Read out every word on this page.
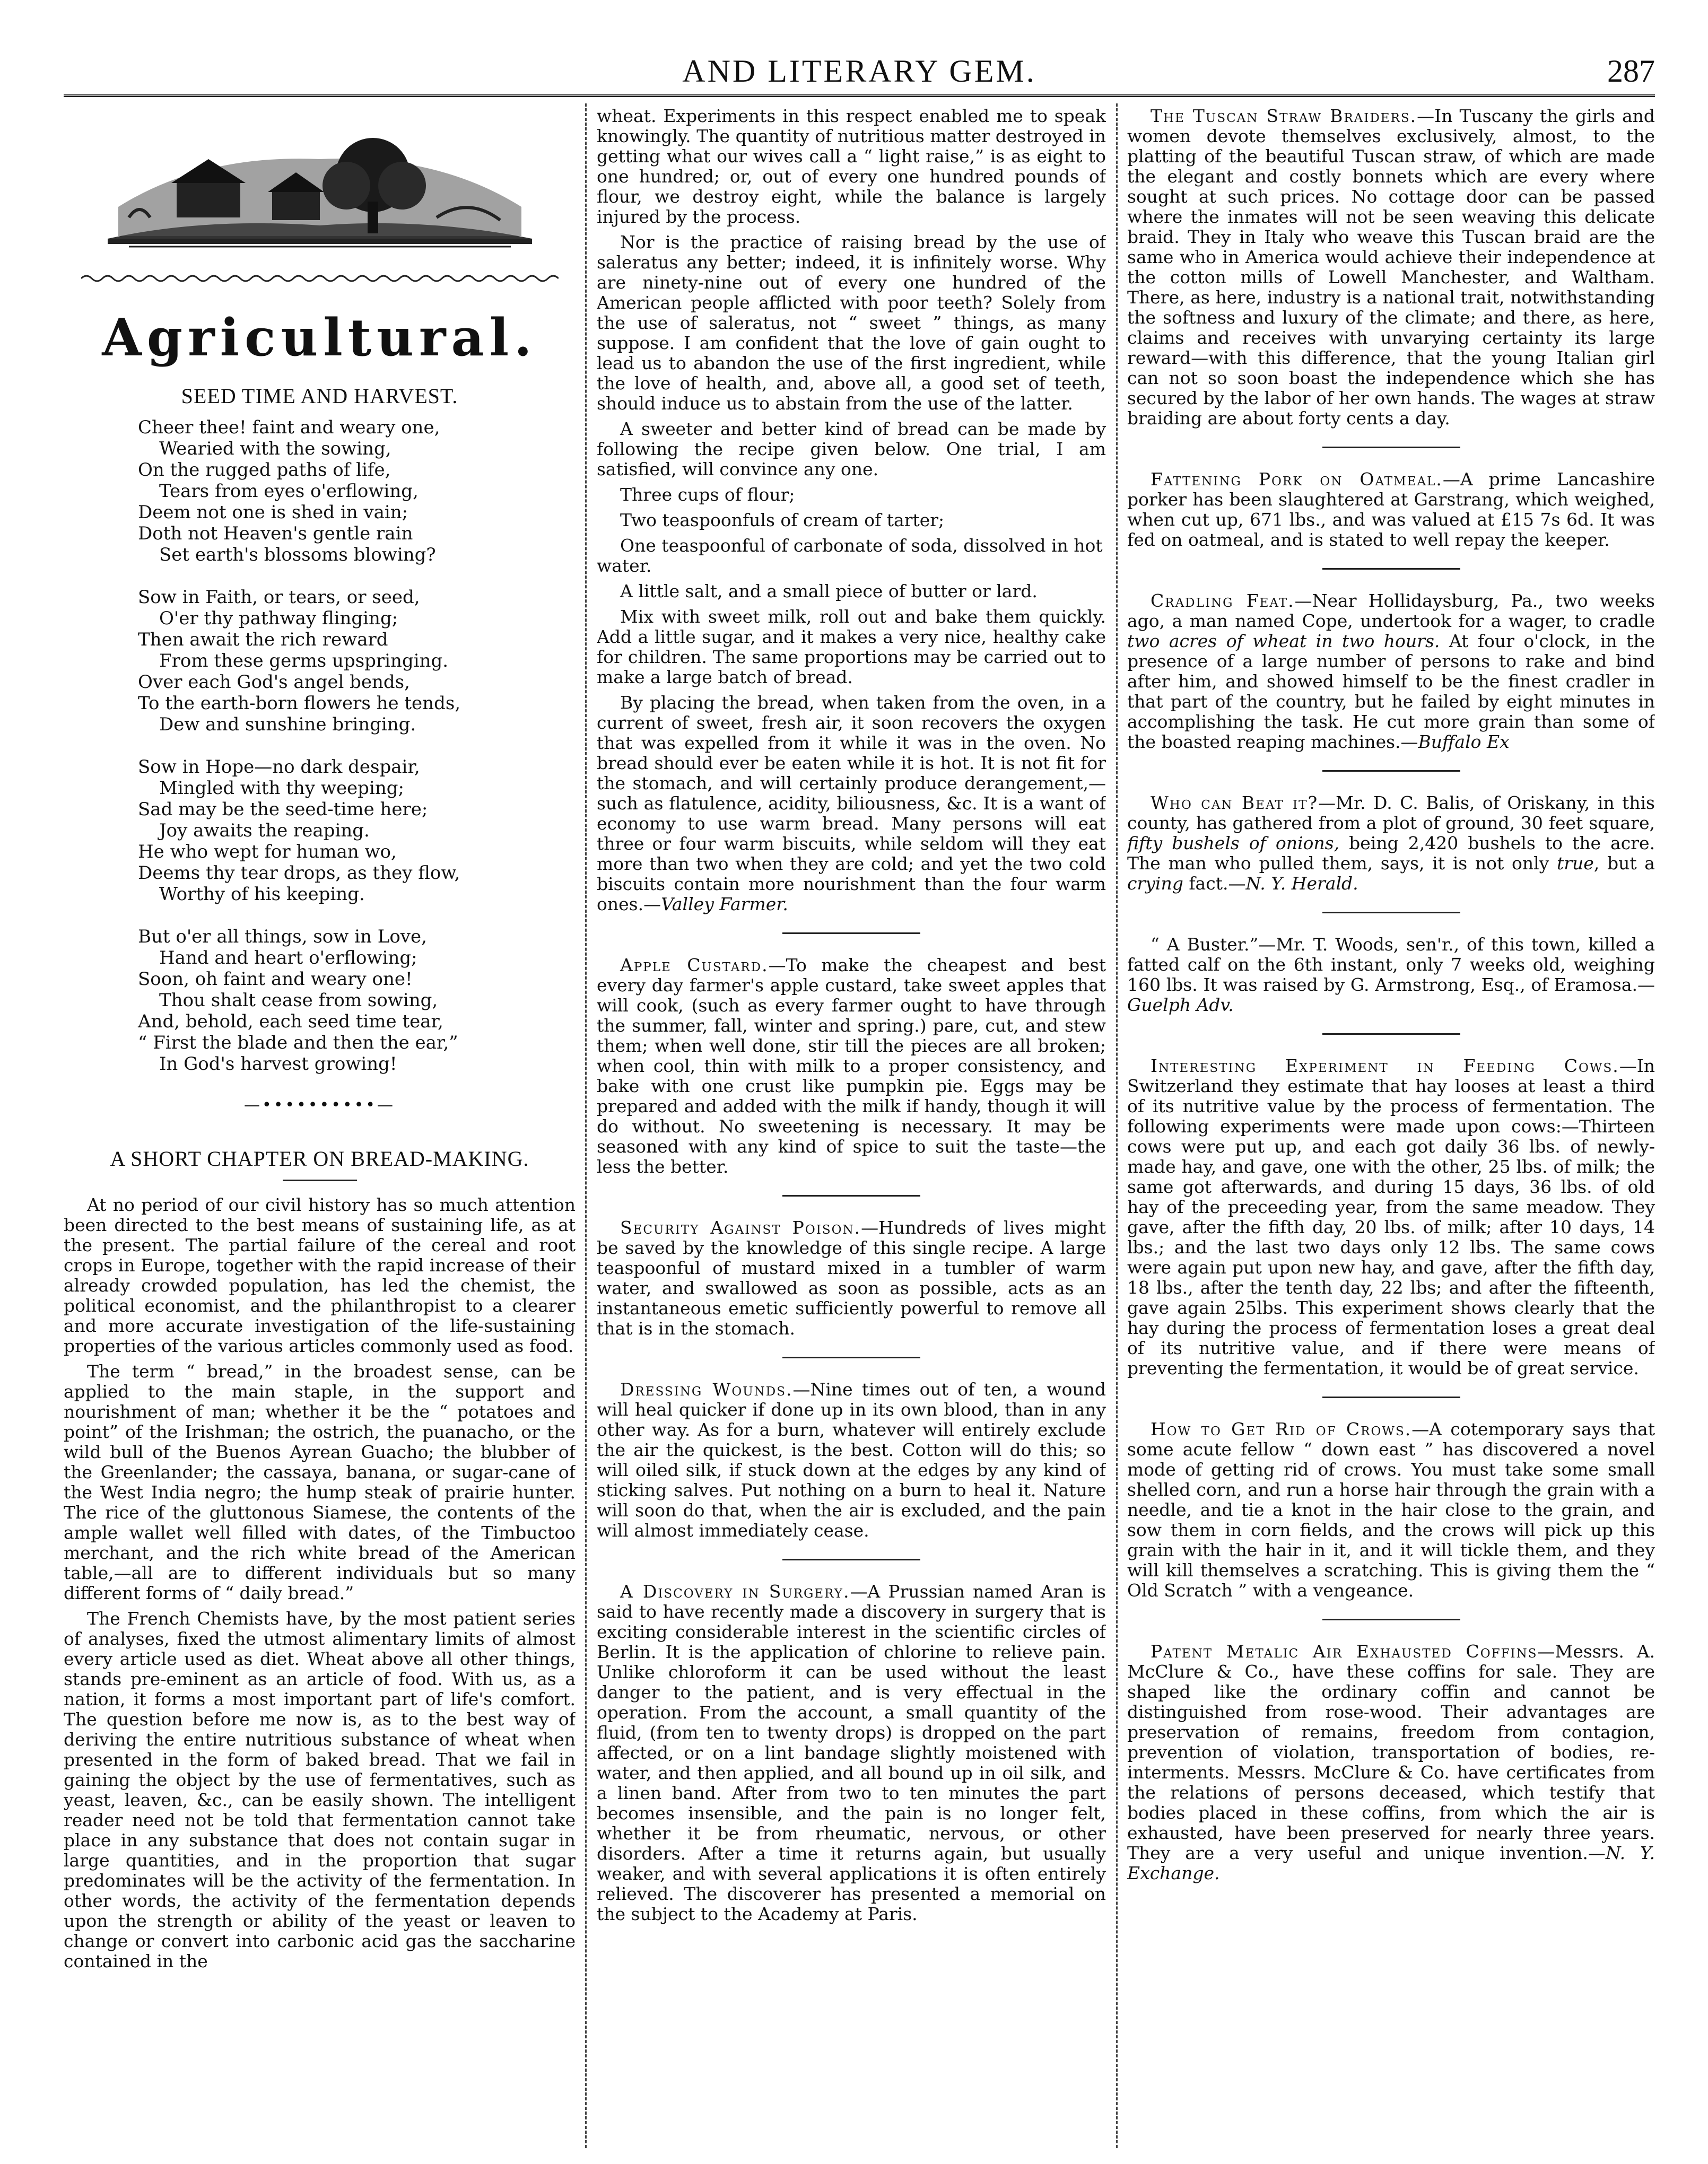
AND LITERARY GEM.	287
Agricultural.
SEED TIME AND HARVEST.
Cheer thee! faint and weary one,
Wearied with the sowing,
On the rugged paths of life,
Tears from eyes o'erflowing,
Deem not one is shed in vain;
Doth not Heaven's gentle rain
Set earth's blossoms blowing?
Sow in Faith, or tears, or seed,
O'er thy pathway flinging;
Then await the rich reward
From these germs upspringing.
Over each God's angel bends,
To the earth-born flowers he tends,
Dew and sunshine bringing.
Sow in Hope—no dark despair,
Mingled with thy weeping;
Sad may be the seed-time here;
Joy awaits the reaping.
He who wept for human wo,
Deems thy tear drops, as they flow,
Worthy of his keeping.
But o'er all things, sow in Love,
Hand and heart o'erflowing;
Soon, oh faint and weary one!
Thou shalt cease from sowing,
And, behold, each seed time tear,
“ First the blade and then the ear,”
In God's harvest growing!
—••••••••••—
A SHORT CHAPTER ON BREAD-MAKING.

At no period of our civil history has so much attention been directed to the best means of sustaining life, as at the present. The partial failure of the cereal and root crops in Europe, together with the rapid increase of their already crowded population, has led the chemist, the political economist, and the philanthropist to a clearer and more accurate investigation of the life-sustaining properties of the various articles commonly used as food.

The term “ bread,” in the broadest sense, can be applied to the main staple, in the support and nourishment of man; whether it be the “ potatoes and point” of the Irishman; the ostrich, the puanacho, or the wild bull of the Buenos Ayrean Guacho; the blubber of the Greenlander; the cassaya, banana, or sugar-cane of the West India negro; the hump steak of prairie hunter. The rice of the gluttonous Siamese, the contents of the ample wallet well filled with dates, of the Timbuctoo merchant, and the rich white bread of the American table,—all are to different individuals but so many different forms of “ daily bread.”

The French Chemists have, by the most patient series of analyses, fixed the utmost alimentary limits of almost every article used as diet. Wheat above all other things, stands pre-eminent as an article of food. With us, as a nation, it forms a most important part of life's comfort. The question before me now is, as to the best way of deriving the entire nutritious substance of wheat when presented in the form of baked bread. That we fail in gaining the object by the use of fermentatives, such as yeast, leaven, &c., can be easily shown. The intelligent reader need not be told that fermentation cannot take place in any substance that does not contain sugar in large quantities, and in the proportion that sugar predominates will be the activity of the fermentation. In other words, the activity of the fermentation depends upon the strength or ability of the yeast or leaven to change or convert into carbonic acid gas the saccharine contained in the

wheat. Experiments in this respect enabled me to speak knowingly. The quantity of nutritious matter destroyed in getting what our wives call a “ light raise,” is as eight to one hundred; or, out of every one hundred pounds of flour, we destroy eight, while the balance is largely injured by the process.

Nor is the practice of raising bread by the use of saleratus any better; indeed, it is infinitely worse. Why are ninety-nine out of every one hundred of the American people afflicted with poor teeth? Solely from the use of saleratus, not “ sweet ” things, as many suppose. I am confident that the love of gain ought to lead us to abandon the use of the first ingredient, while the love of health, and, above all, a good set of teeth, should induce us to abstain from the use of the latter.

A sweeter and better kind of bread can be made by following the recipe given below. One trial, I am satisfied, will convince any one.

Three cups of flour;
Two teaspoonfuls of cream of tarter;
One teaspoonful of carbonate of soda, dissolved in hot water.
A little salt, and a small piece of butter or lard.

Mix with sweet milk, roll out and bake them quickly. Add a little sugar, and it makes a very nice, healthy cake for children. The same proportions may be carried out to make a large batch of bread.

By placing the bread, when taken from the oven, in a current of sweet, fresh air, it soon recovers the oxygen that was expelled from it while it was in the oven. No bread should ever be eaten while it is hot. It is not fit for the stomach, and will certainly produce derangement,—such as flatulence, acidity, biliousness, &c. It is a want of economy to use warm bread. Many persons will eat three or four warm biscuits, while seldom will they eat more than two when they are cold; and yet the two cold biscuits contain more nourishment than the four warm ones.—Valley Farmer.

Apple Custard.—To make the cheapest and best every day farmer's apple custard, take sweet apples that will cook, (such as every farmer ought to have through the summer, fall, winter and spring.) pare, cut, and stew them; when well done, stir till the pieces are all broken; when cool, thin with milk to a proper consistency, and bake with one crust like pumpkin pie. Eggs may be prepared and added with the milk if handy, though it will do without. No sweetening is necessary. It may be seasoned with any kind of spice to suit the taste—the less the better.

Security Against Poison.—Hundreds of lives might be saved by the knowledge of this single recipe. A large teaspoonful of mustard mixed in a tumbler of warm water, and swallowed as soon as possible, acts as an instantaneous emetic sufficiently powerful to remove all that is in the stomach.

Dressing Wounds.—Nine times out of ten, a wound will heal quicker if done up in its own blood, than in any other way. As for a burn, whatever will entirely exclude the air the quickest, is the best. Cotton will do this; so will oiled silk, if stuck down at the edges by any kind of sticking salves. Put nothing on a burn to heal it. Nature will soon do that, when the air is excluded, and the pain will almost immediately cease.

A Discovery in Surgery.—A Prussian named Aran is said to have recently made a discovery in surgery that is exciting considerable interest in the scientific circles of Berlin. It is the application of chlorine to relieve pain. Unlike chloroform it can be used without the least danger to the patient, and is very effectual in the operation. From the account, a small quantity of the fluid, (from ten to twenty drops) is dropped on the part affected, or on a lint bandage slightly moistened with water, and then applied, and all bound up in oil silk, and a linen band. After from two to ten minutes the part becomes insensible, and the pain is no longer felt, whether it be from rheumatic, nervous, or other disorders. After a time it returns again, but usually weaker, and with several applications it is often entirely relieved. The discoverer has presented a memorial on the subject to the Academy at Paris.

The Tuscan Straw Braiders.—In Tuscany the girls and women devote themselves exclusively, almost, to the platting of the beautiful Tuscan straw, of which are made the elegant and costly bonnets which are every where sought at such prices. No cottage door can be passed where the inmates will not be seen weaving this delicate braid. They in Italy who weave this Tuscan braid are the same who in America would achieve their independence at the cotton mills of Lowell Manchester, and Waltham. There, as here, industry is a national trait, notwithstanding the softness and luxury of the climate; and there, as here, claims and receives with unvarying certainty its large reward—with this difference, that the young Italian girl can not so soon boast the independence which she has secured by the labor of her own hands. The wages at straw braiding are about forty cents a day.

Fattening Pork on Oatmeal.—A prime Lancashire porker has been slaughtered at Garstrang, which weighed, when cut up, 671 lbs., and was valued at £15 7s 6d. It was fed on oatmeal, and is stated to well repay the keeper.

Cradling Feat.—Near Hollidaysburg, Pa., two weeks ago, a man named Cope, undertook for a wager, to cradle two acres of wheat in two hours. At four o'clock, in the presence of a large number of persons to rake and bind after him, and showed himself to be the finest cradler in that part of the country, but he failed by eight minutes in accomplishing the task. He cut more grain than some of the boasted reaping machines.—Buffalo Ex

Who can Beat it?—Mr. D. C. Balis, of Oriskany, in this county, has gathered from a plot of ground, 30 feet square, fifty bushels of onions, being 2,420 bushels to the acre. The man who pulled them, says, it is not only true, but a crying fact.—N. Y. Herald.

“ A Buster.”—Mr. T. Woods, sen'r., of this town, killed a fatted calf on the 6th instant, only 7 weeks old, weighing 160 lbs. It was raised by G. Armstrong, Esq., of Eramosa.—Guelph Adv.

Interesting Experiment in Feeding Cows.—In Switzerland they estimate that hay looses at least a third of its nutritive value by the process of fermentation. The following experiments were made upon cows:—Thirteen cows were put up, and each got daily 36 lbs. of newly-made hay, and gave, one with the other, 25 lbs. of milk; the same got afterwards, and during 15 days, 36 lbs. of old hay of the preceeding year, from the same meadow. They gave, after the fifth day, 20 lbs. of milk; after 10 days, 14 lbs.; and the last two days only 12 lbs. The same cows were again put upon new hay, and gave, after the fifth day, 18 lbs., after the tenth day, 22 lbs; and after the fifteenth, gave again 25lbs. This experiment shows clearly that the hay during the process of fermentation loses a great deal of its nutritive value, and if there were means of preventing the fermentation, it would be of great service.

How to Get Rid of Crows.—A cotemporary says that some acute fellow “ down east ” has discovered a novel mode of getting rid of crows. You must take some small shelled corn, and run a horse hair through the grain with a needle, and tie a knot in the hair close to the grain, and sow them in corn fields, and the crows will pick up this grain with the hair in it, and it will tickle them, and they will kill themselves a scratching. This is giving them the “ Old Scratch ” with a vengeance.

Patent Metalic Air Exhausted Coffins—Messrs. A. McClure & Co., have these coffins for sale. They are shaped like the ordinary coffin and cannot be distinguished from rose-wood. Their advantages are preservation of remains, freedom from contagion, prevention of violation, transportation of bodies, re-interments. Messrs. McClure & Co. have certificates from the relations of persons deceased, which testify that bodies placed in these coffins, from which the air is exhausted, have been preserved for nearly three years. They are a very useful and unique invention.—N. Y. Exchange.
